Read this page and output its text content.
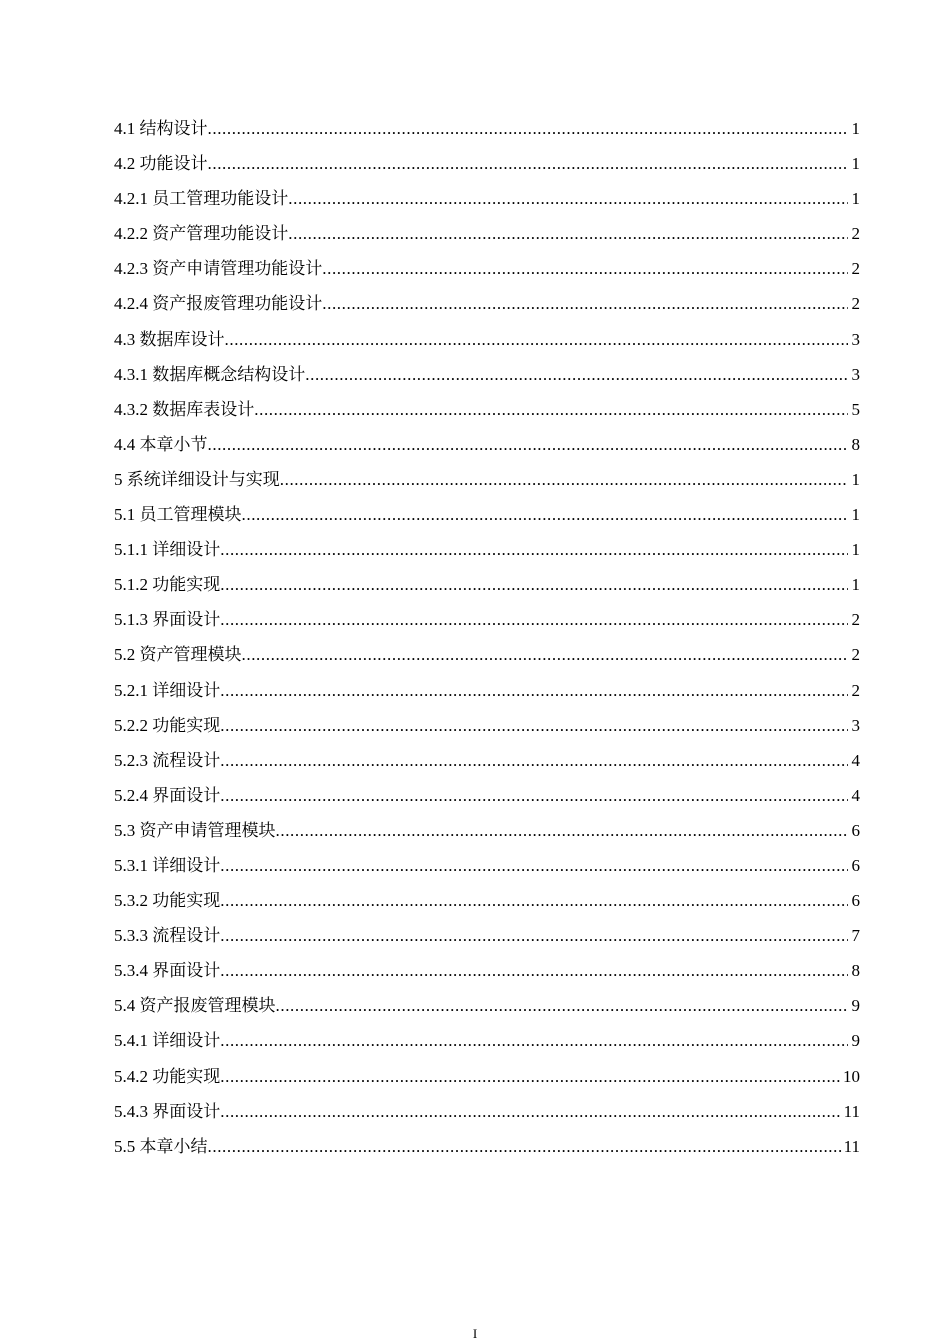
4.1 结构设计 .....	1
4.2 功能设计 .....	1
4.2.1 员工管理功能设计 .....	1
4.2.2 资产管理功能设计 .....	2
4.2.3 资产申请管理功能设计 .....	2
4.2.4 资产报废管理功能设计 .....	2
4.3 数据库设计 .....	3
4.3.1 数据库概念结构设计 .....	3
4.3.2 数据库表设计 .....	5
4.4 本章小节 .....	8
5 系统详细设计与实现 .....	1
5.1 员工管理模块 .....	1
5.1.1 详细设计 .....	1
5.1.2 功能实现 .....	1
5.1.3 界面设计 .....	2
5.2 资产管理模块 .....	2
5.2.1 详细设计 .....	2
5.2.2 功能实现 .....	3
5.2.3 流程设计 .....	4
5.2.4 界面设计 .....	4
5.3 资产申请管理模块 .....	6
5.3.1 详细设计 .....	6
5.3.2 功能实现 .....	6
5.3.3 流程设计 .....	7
5.3.4 界面设计 .....	8
5.4 资产报废管理模块 .....	9
5.4.1 详细设计 .....	9
5.4.2 功能实现 .....	10
5.4.3 界面设计 .....	11
5.5 本章小结 .....	11
I
